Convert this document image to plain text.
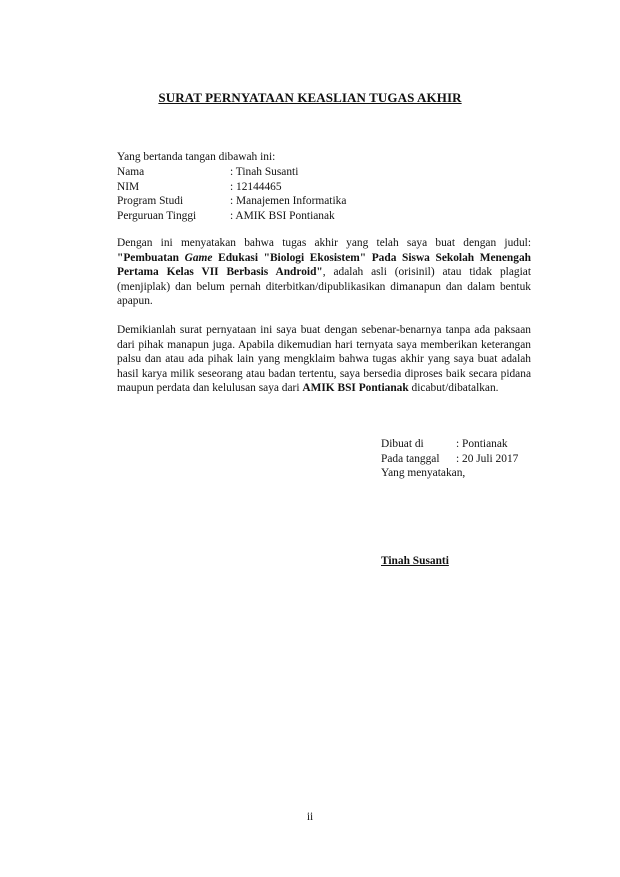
SURAT PERNYATAAN KEASLIAN TUGAS AKHIR
Yang bertanda tangan dibawah ini:
Nama	: Tinah Susanti
NIM	: 12144465
Program Studi	: Manajemen Informatika
Perguruan Tinggi	: AMIK BSI Pontianak
Dengan ini menyatakan bahwa tugas akhir yang telah saya buat dengan judul: "Pembuatan Game Edukasi "Biologi Ekosistem" Pada Siswa Sekolah Menengah Pertama Kelas VII Berbasis Android", adalah asli (orisinil) atau tidak plagiat (menjiplak) dan belum pernah diterbitkan/dipublikasikan dimanapun dan dalam bentuk apapun.
Demikianlah surat pernyataan ini saya buat dengan sebenar-benarnya tanpa ada paksaan dari pihak manapun juga. Apabila dikemudian hari ternyata saya memberikan keterangan palsu dan atau ada pihak lain yang mengklaim bahwa tugas akhir yang saya buat adalah hasil karya milik seseorang atau badan tertentu, saya bersedia diproses baik secara pidana maupun perdata dan kelulusan saya dari AMIK BSI Pontianak dicabut/dibatalkan.
Dibuat di	: Pontianak
Pada tanggal	: 20 Juli 2017
Yang menyatakan,
Tinah Susanti
ii
